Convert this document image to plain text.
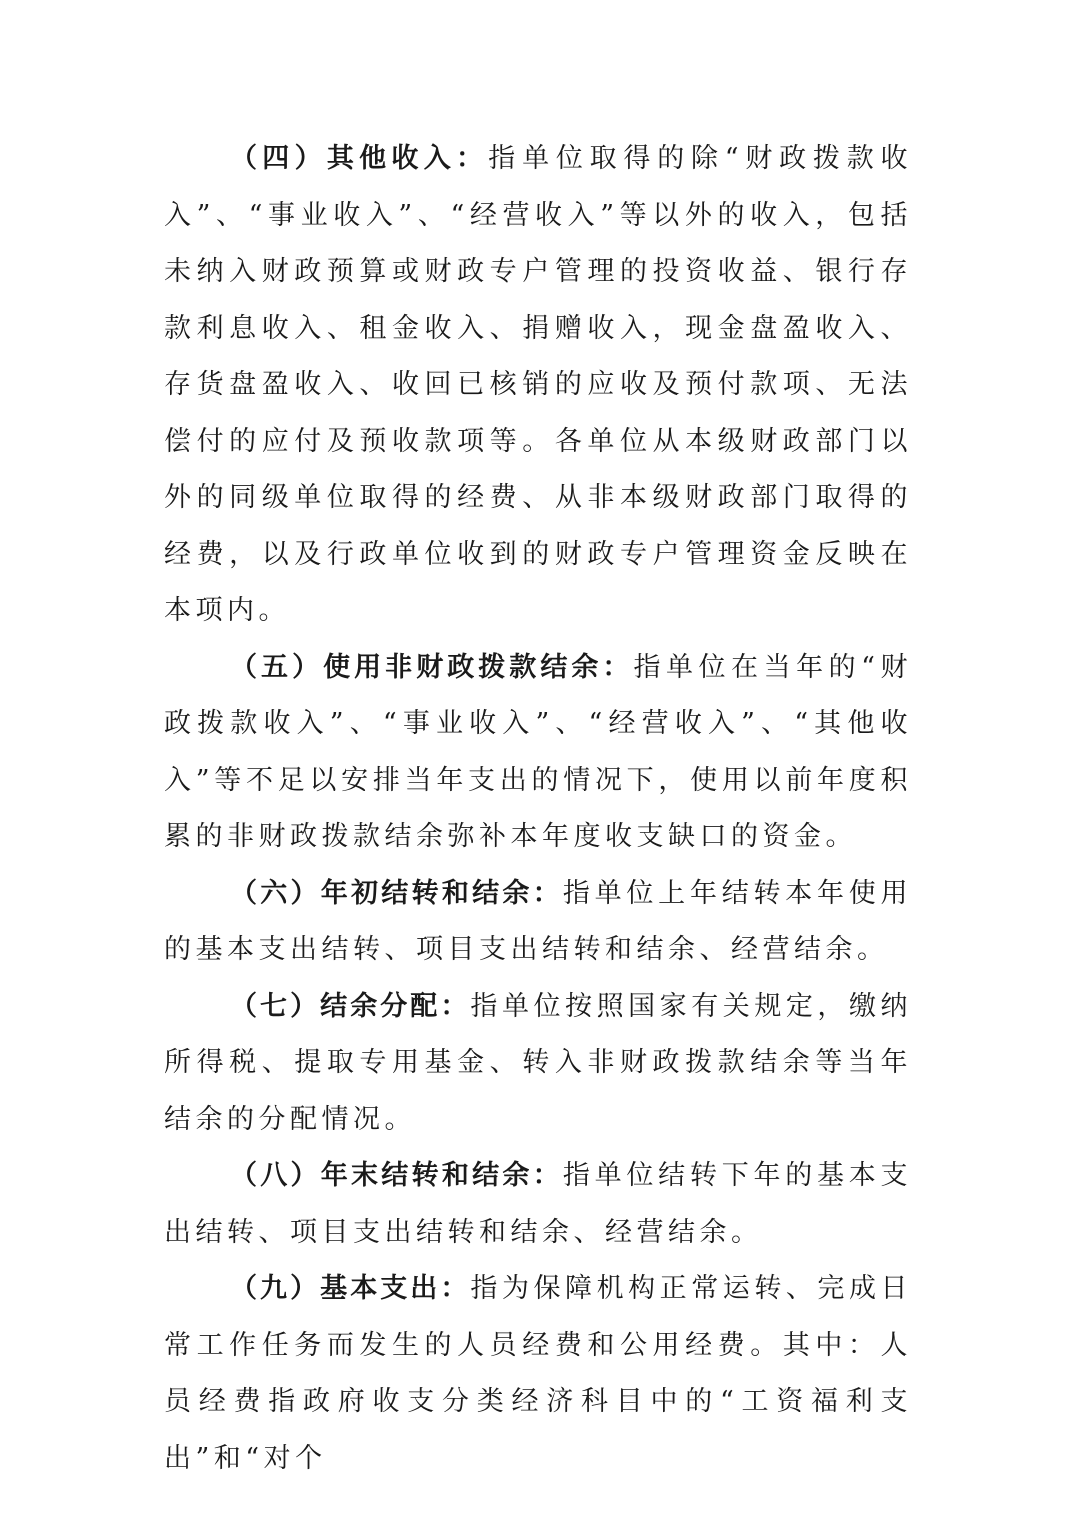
（四）其他收入：指单位取得的除“财政拨款收入”、“事业收入”、“经营收入”等以外的收入，包括未纳入财政预算或财政专户管理的投资收益、银行存款利息收入、租金收入、捐赠收入，现金盘盈收入、存货盘盈收入、收回已核销的应收及预付款项、无法偿付的应付及预收款项等。各单位从本级财政部门以外的同级单位取得的经费、从非本级财政部门取得的经费，以及行政单位收到的财政专户管理资金反映在本项内。

（五）使用非财政拨款结余：指单位在当年的“财政拨款收入”、“事业收入”、“经营收入”、“其他收入”等不足以安排当年支出的情况下，使用以前年度积累的非财政拨款结余弥补本年度收支缺口的资金。

（六）年初结转和结余：指单位上年结转本年使用的基本支出结转、项目支出结转和结余、经营结余。

（七）结余分配：指单位按照国家有关规定，缴纳所得税、提取专用基金、转入非财政拨款结余等当年结余的分配情况。

（八）年末结转和结余：指单位结转下年的基本支出结转、项目支出结转和结余、经营结余。

（九）基本支出：指为保障机构正常运转、完成日常工作任务而发生的人员经费和公用经费。其中：人员经费指政府收支分类经济科目中的“工资福利支出”和“对个
